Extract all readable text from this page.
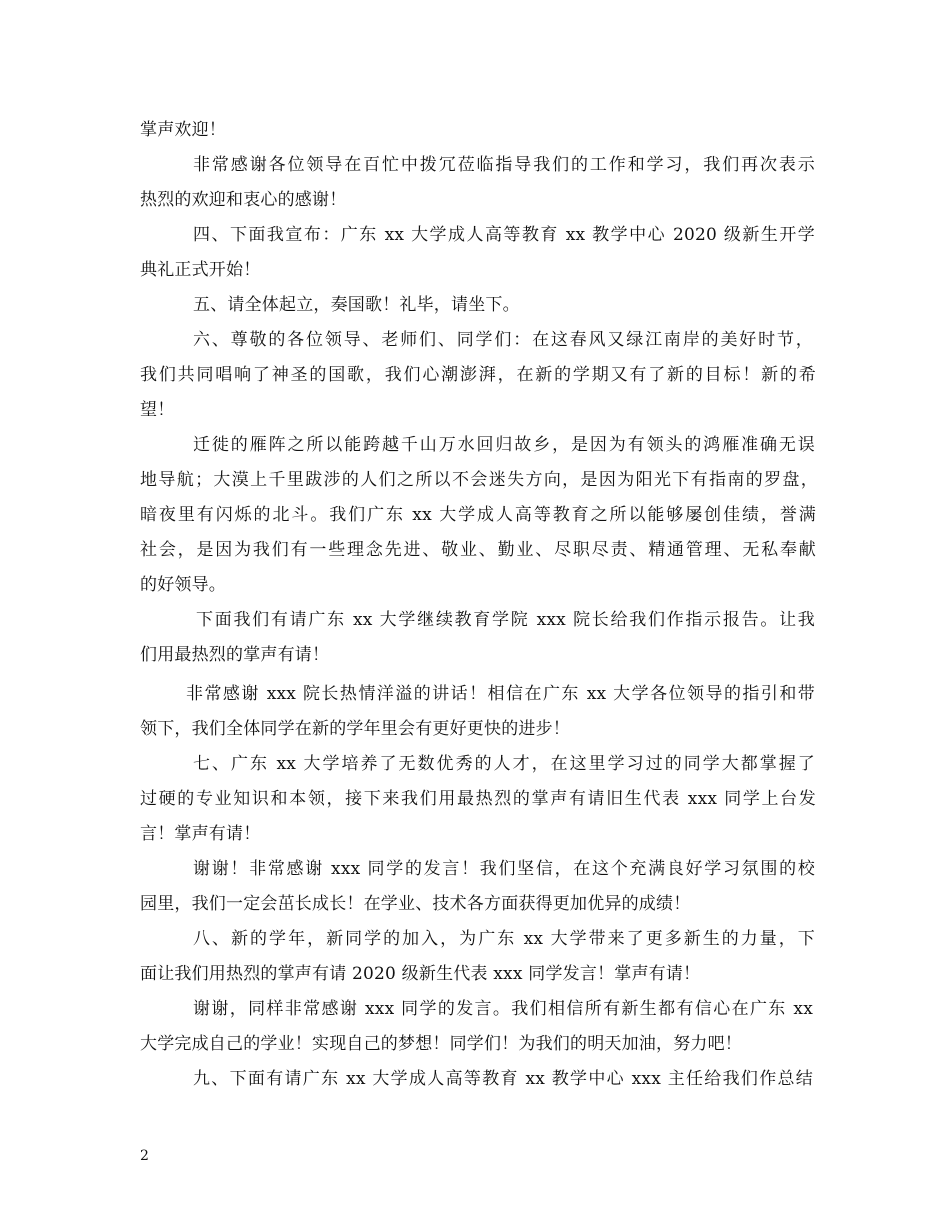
掌声欢迎！
非常感谢各位领导在百忙中拨冗莅临指导我们的工作和学习，我们再次表示
热烈的欢迎和衷心的感谢！
四、下面我宣布：广东 xx 大学成人高等教育 xx 教学中心 2020 级新生开学
典礼正式开始！
五、请全体起立，奏国歌！礼毕，请坐下。
六、尊敬的各位领导、老师们、同学们：在这春风又绿江南岸的美好时节，
我们共同唱响了神圣的国歌，我们心潮澎湃，在新的学期又有了新的目标！新的希
望！
迁徙的雁阵之所以能跨越千山万水回归故乡，是因为有领头的鸿雁准确无误
地导航；大漠上千里跋涉的人们之所以不会迷失方向，是因为阳光下有指南的罗盘，
暗夜里有闪烁的北斗。我们广东 xx 大学成人高等教育之所以能够屡创佳绩，誉满
社会，是因为我们有一些理念先进、敬业、勤业、尽职尽责、精通管理、无私奉献
的好领导。
下面我们有请广东 xx 大学继续教育学院 xxx 院长给我们作指示报告。让我
们用最热烈的掌声有请！
非常感谢 xxx 院长热情洋溢的讲话！相信在广东 xx 大学各位领导的指引和带
领下，我们全体同学在新的学年里会有更好更快的进步！
七、广东 xx 大学培养了无数优秀的人才，在这里学习过的同学大都掌握了
过硬的专业知识和本领，接下来我们用最热烈的掌声有请旧生代表 xxx 同学上台发
言！掌声有请！
谢谢！非常感谢 xxx 同学的发言！我们坚信，在这个充满良好学习氛围的校
园里，我们一定会茁长成长！在学业、技术各方面获得更加优异的成绩！
八、新的学年，新同学的加入，为广东 xx 大学带来了更多新生的力量，下
面让我们用热烈的掌声有请 2020 级新生代表 xxx 同学发言！掌声有请！
谢谢，同样非常感谢 xxx 同学的发言。我们相信所有新生都有信心在广东 xx
大学完成自己的学业！实现自己的梦想！同学们！为我们的明天加油，努力吧！
九、下面有请广东 xx 大学成人高等教育 xx 教学中心 xxx 主任给我们作总结
2
